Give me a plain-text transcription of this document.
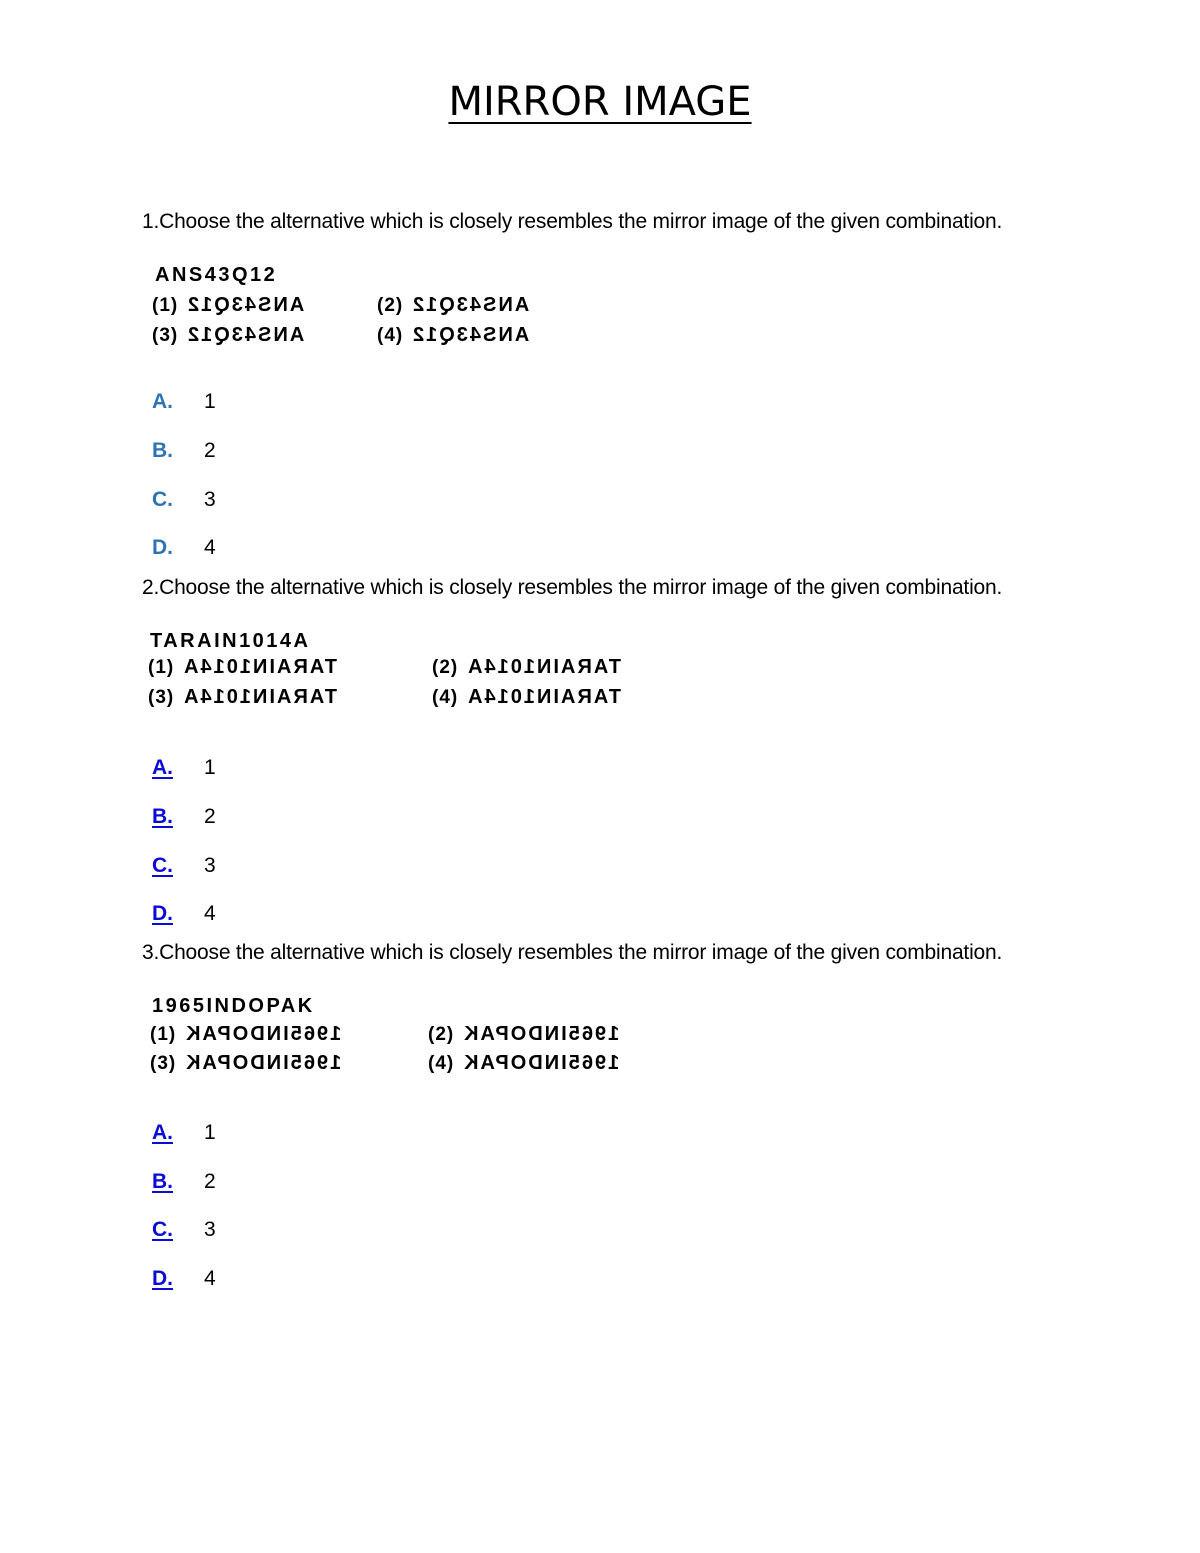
MIRROR IMAGE
1.Choose the alternative which is closely resembles the mirror image of the given combination.
ANS43Q12
(1) ANS43Q12	(2) ANS43Q12
(3) ANS43Q12	(4) ANS43Q12
A. 1
B. 2
C. 3
D. 4
2.Choose the alternative which is closely resembles the mirror image of the given combination.
TARAIN1014A
(1) TARAIN1014A	(2) TARAIN1014A
(3) TARAIN1014A	(4) TARAIN1014A
A. 1
B. 2
C. 3
D. 4
3.Choose the alternative which is closely resembles the mirror image of the given combination.
1965INDOPAK
(1) 1965INDOPAK	(2) 1965INDOPAK
(3) 1965INDOPAK	(4) 1965INDOPAK
A. 1
B. 2
C. 3
D. 4
